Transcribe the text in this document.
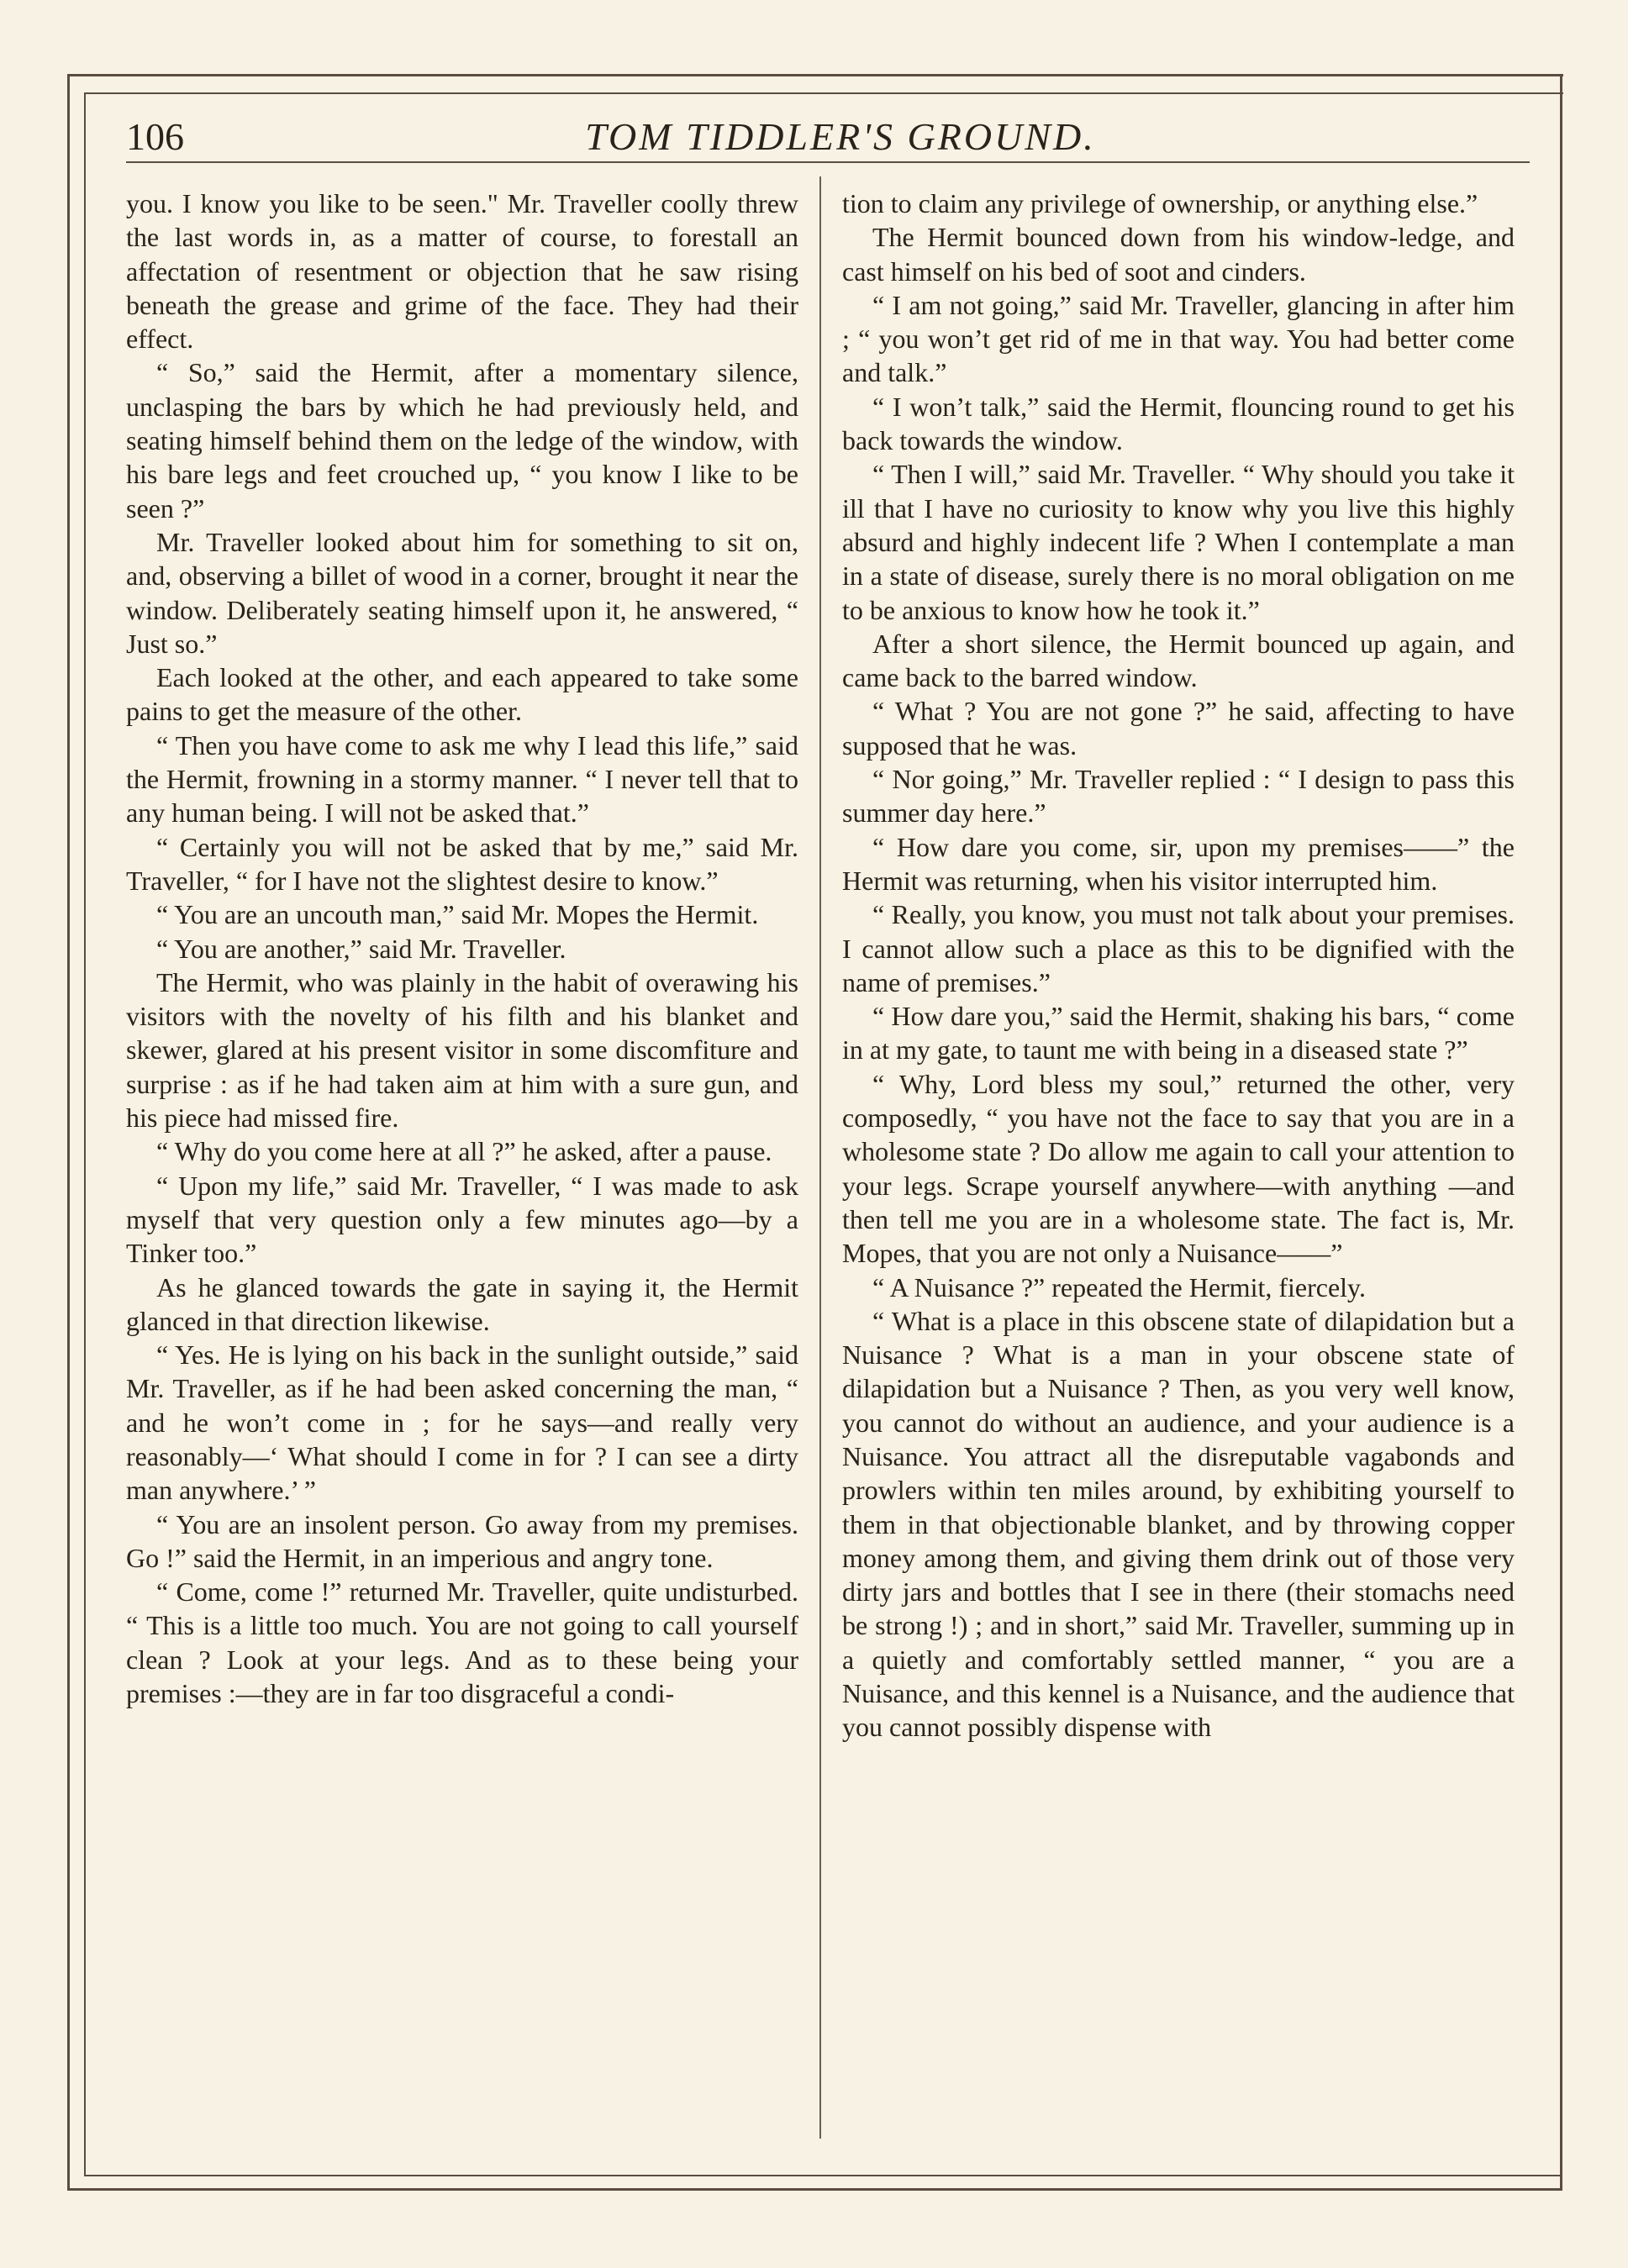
106	TOM TIDDLER'S GROUND.

you. I know you like to be seen." Mr. Traveller coolly threw the last words in, as a matter of course, to forestall an affectation of resentment or objection that he saw rising beneath the grease and grime of the face. They had their effect.

“ So,” said the Hermit, after a momentary silence, unclasping the bars by which he had previously held, and seating himself behind them on the ledge of the window, with his bare legs and feet crouched up, “ you know I like to be seen ?”

Mr. Traveller looked about him for something to sit on, and, observing a billet of wood in a corner, brought it near the window. Deliberately seating himself upon it, he answered, “ Just so.”

Each looked at the other, and each appeared to take some pains to get the measure of the other.

“ Then you have come to ask me why I lead this life,” said the Hermit, frowning in a stormy manner. “ I never tell that to any human being. I will not be asked that.”

“ Certainly you will not be asked that by me,” said Mr. Traveller, “ for I have not the slightest desire to know.”

“ You are an uncouth man,” said Mr. Mopes the Hermit.

“ You are another,” said Mr. Traveller.

The Hermit, who was plainly in the habit of overawing his visitors with the novelty of his filth and his blanket and skewer, glared at his present visitor in some discomfiture and surprise : as if he had taken aim at him with a sure gun, and his piece had missed fire.

“ Why do you come here at all ?” he asked, after a pause.

“ Upon my life,” said Mr. Traveller, “ I was made to ask myself that very question only a few minutes ago—by a Tinker too.”

As he glanced towards the gate in saying it, the Hermit glanced in that direction likewise.

“ Yes. He is lying on his back in the sunlight outside,” said Mr. Traveller, as if he had been asked concerning the man, “ and he won’t come in ; for he says—and really very reasonably—‘ What should I come in for ? I can see a dirty man anywhere.’ ”

“ You are an insolent person. Go away from my premises. Go !” said the Hermit, in an imperious and angry tone.

“ Come, come !” returned Mr. Traveller, quite undisturbed. “ This is a little too much. You are not going to call yourself clean ? Look at your legs. And as to these being your premises :—they are in far too disgraceful a condi-

tion to claim any privilege of ownership, or anything else.”

The Hermit bounced down from his window-ledge, and cast himself on his bed of soot and cinders.

“ I am not going,” said Mr. Traveller, glancing in after him ; “ you won’t get rid of me in that way. You had better come and talk.”

“ I won’t talk,” said the Hermit, flouncing round to get his back towards the window.

“ Then I will,” said Mr. Traveller. “ Why should you take it ill that I have no curiosity to know why you live this highly absurd and highly indecent life ? When I contemplate a man in a state of disease, surely there is no moral obligation on me to be anxious to know how he took it.”

After a short silence, the Hermit bounced up again, and came back to the barred window.

“ What ? You are not gone ?” he said, affecting to have supposed that he was.

“ Nor going,” Mr. Traveller replied : “ I design to pass this summer day here.”

“ How dare you come, sir, upon my premises——” the Hermit was returning, when his visitor interrupted him.

“ Really, you know, you must not talk about your premises. I cannot allow such a place as this to be dignified with the name of premises.”

“ How dare you,” said the Hermit, shaking his bars, “ come in at my gate, to taunt me with being in a diseased state ?”

“ Why, Lord bless my soul,” returned the other, very composedly, “ you have not the face to say that you are in a wholesome state ? Do allow me again to call your attention to your legs. Scrape yourself anywhere—with anything —and then tell me you are in a wholesome state. The fact is, Mr. Mopes, that you are not only a Nuisance——”

“ A Nuisance ?” repeated the Hermit, fiercely.

“ What is a place in this obscene state of dilapidation but a Nuisance ? What is a man in your obscene state of dilapidation but a Nuisance ? Then, as you very well know, you cannot do without an audience, and your audience is a Nuisance. You attract all the disreputable vagabonds and prowlers within ten miles around, by exhibiting yourself to them in that objectionable blanket, and by throwing copper money among them, and giving them drink out of those very dirty jars and bottles that I see in there (their stomachs need be strong !) ; and in short,” said Mr. Traveller, summing up in a quietly and comfortably settled manner, “ you are a Nuisance, and this kennel is a Nuisance, and the audience that you cannot possibly dispense with
